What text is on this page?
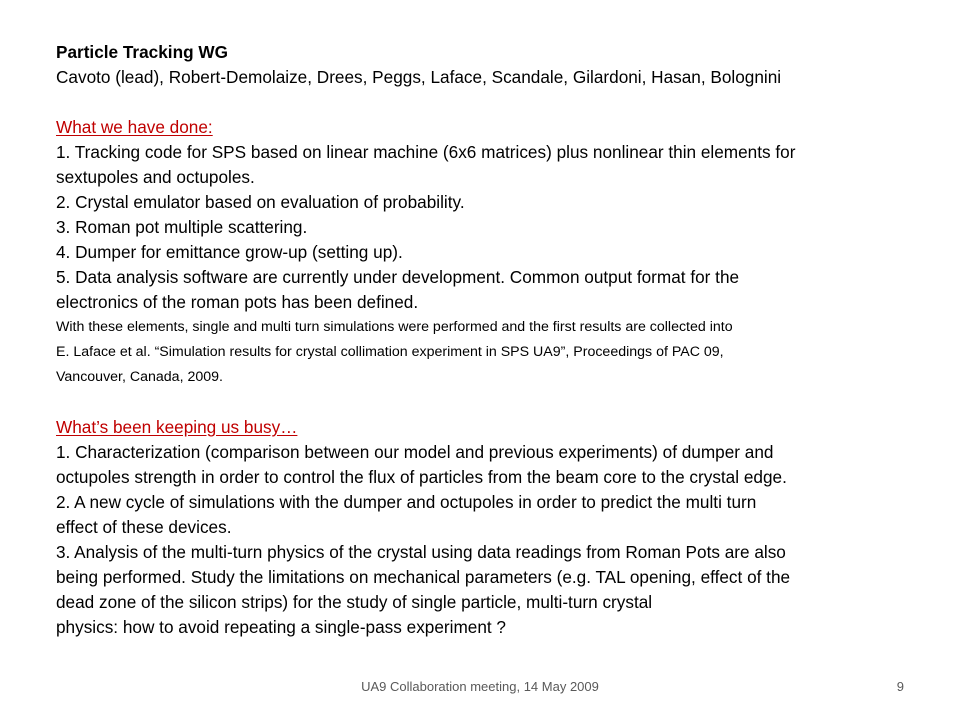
Particle Tracking WG
Cavoto (lead), Robert-Demolaize, Drees, Peggs, Laface, Scandale, Gilardoni, Hasan, Bolognini
What we have done:
1. Tracking code for SPS based on linear machine (6x6 matrices) plus nonlinear thin elements for
sextupoles and octupoles.
2. Crystal emulator based on evaluation of probability.
3. Roman pot multiple scattering.
4. Dumper for emittance grow-up (setting up).
5. Data analysis software are currently under development. Common output format for the
electronics of the roman pots has been defined.
With these elements, single and multi turn simulations were performed and the first results are collected into
E. Laface et al. “Simulation results for crystal collimation experiment in SPS UA9”, Proceedings of PAC 09,
Vancouver, Canada, 2009.
What’s been keeping us busy…
1. Characterization (comparison between our model and previous experiments) of dumper and
octupoles strength in order to control the flux of particles from the beam core to the crystal edge.
2. A new cycle of simulations with the dumper and octupoles in order to predict the multi turn
effect of these devices.
3. Analysis of the multi-turn physics of the crystal using data readings from Roman Pots are also
being performed. Study the limitations on mechanical parameters (e.g. TAL opening, effect of the
dead zone of the silicon strips) for the study of single particle, multi-turn crystal
physics: how to avoid repeating a single-pass experiment ?
UA9 Collaboration meeting, 14 May 2009	9
